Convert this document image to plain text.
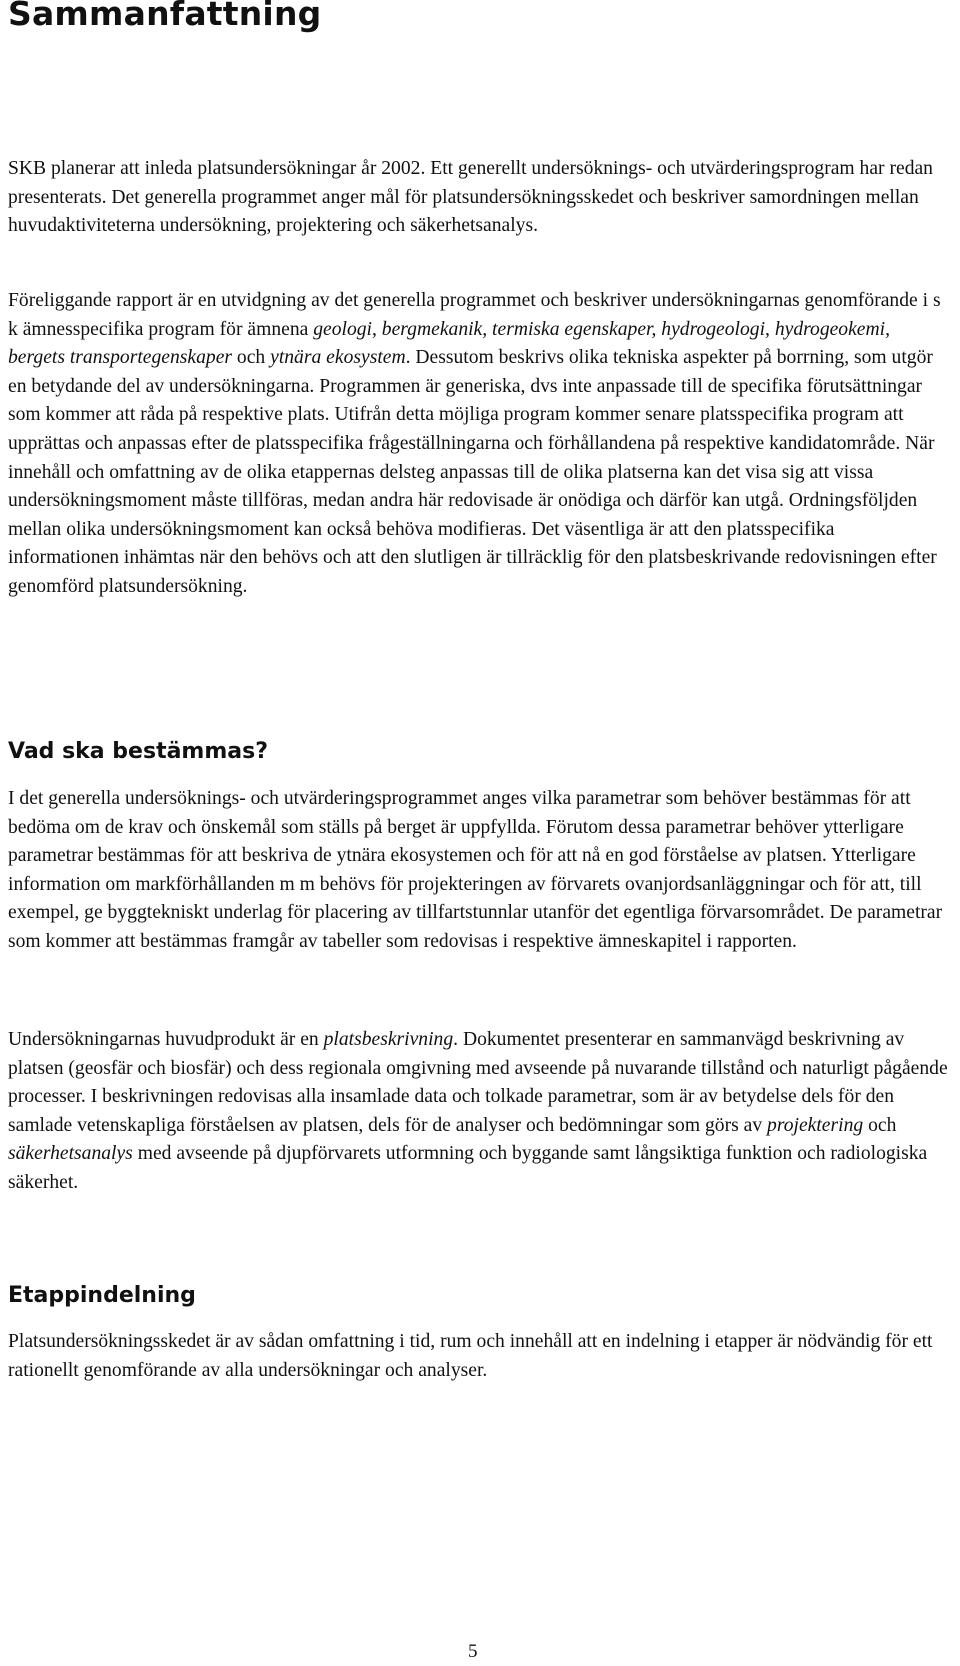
Sammanfattning

SKB planerar att inleda platsundersökningar år 2002. Ett generellt undersöknings- och utvärderingsprogram har redan presenterats. Det generella programmet anger mål för platsundersökningsskedet och beskriver samordningen mellan huvudaktiviteterna undersökning, projektering och säkerhetsanalys.

Föreliggande rapport är en utvidgning av det generella programmet och beskriver undersökningarnas genomförande i s k ämnesspecifika program för ämnena geologi, bergmekanik, termiska egenskaper, hydrogeologi, hydrogeokemi, bergets transportegenskaper och ytnära ekosystem. Dessutom beskrivs olika tekniska aspekter på borrning, som utgör en betydande del av undersökningarna. Programmen är generiska, dvs inte anpassade till de specifika förutsättningar som kommer att råda på respektive plats. Utifrån detta möjliga program kommer senare platsspecifika program att upprättas och anpassas efter de platsspecifika frågeställningarna och förhållandena på respektive kandidatområde. När innehåll och omfattning av de olika etappernas delsteg anpassas till de olika platserna kan det visa sig att vissa undersökningsmoment måste tillföras, medan andra här redovisade är onödiga och därför kan utgå. Ordningsföljden mellan olika undersökningsmoment kan också behöva modifieras. Det väsentliga är att den platsspecifika informationen inhämtas när den behövs och att den slutligen är tillräcklig för den platsbeskrivande redovisningen efter genomförd platsundersökning.

Vad ska bestämmas?

I det generella undersöknings- och utvärderingsprogrammet anges vilka parametrar som behöver bestämmas för att bedöma om de krav och önskemål som ställs på berget är uppfyllda. Förutom dessa parametrar behöver ytterligare parametrar bestämmas för att beskriva de ytnära ekosystemen och för att nå en god förståelse av platsen. Ytterligare information om markförhållanden m m behövs för projekteringen av förvarets ovanjordsanläggningar och för att, till exempel, ge byggtekniskt underlag för placering av tillfartstunnlar utanför det egentliga förvarsområdet. De parametrar som kommer att bestämmas framgår av tabeller som redovisas i respektive ämneskapitel i rapporten.

Undersökningarnas huvudprodukt är en platsbeskrivning. Dokumentet presenterar en sammanvägd beskrivning av platsen (geosfär och biosfär) och dess regionala omgivning med avseende på nuvarande tillstånd och naturligt pågående processer. I beskrivningen redovisas alla insamlade data och tolkade parametrar, som är av betydelse dels för den samlade vetenskapliga förståelsen av platsen, dels för de analyser och bedömningar som görs av projektering och säkerhetsanalys med avseende på djupförvarets utformning och byggande samt långsiktiga funktion och radiologiska säkerhet.

Etappindelning

Platsundersökningsskedet är av sådan omfattning i tid, rum och innehåll att en indelning i etapper är nödvändig för ett rationellt genomförande av alla undersökningar och analyser.

5
